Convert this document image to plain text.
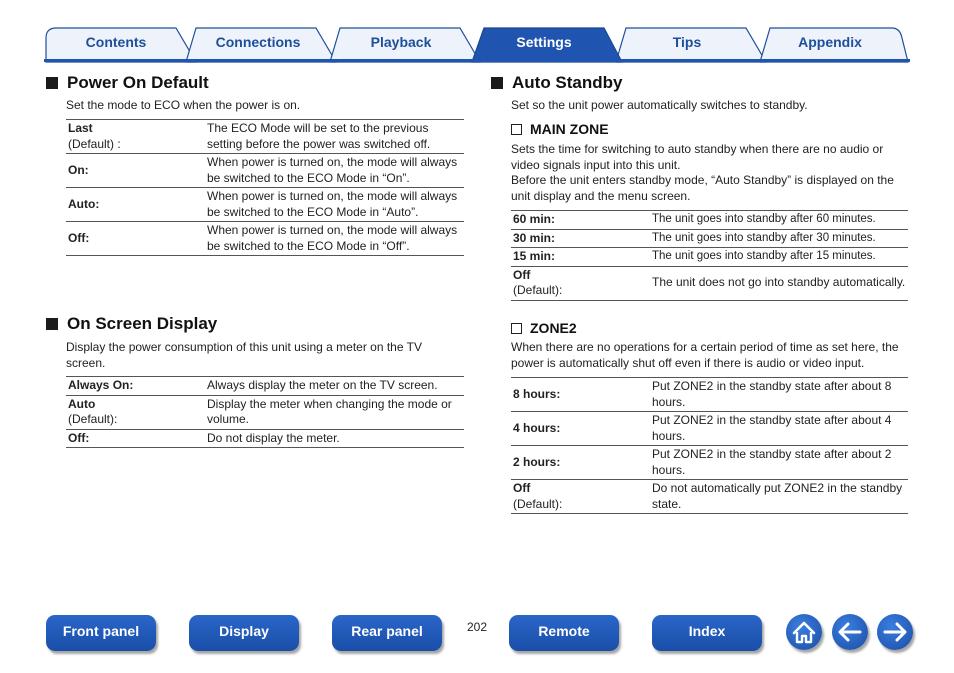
Contents	Connections	Playback	Settings	Tips	Appendix
Power On Default
Set the mode to ECO when the power is on.
Last
(Default) :	The ECO Mode will be set to the previous setting before the power was switched off.
On:	When power is turned on, the mode will always be switched to the ECO Mode in “On”.
Auto:	When power is turned on, the mode will always be switched to the ECO Mode in “Auto”.
Off:	When power is turned on, the mode will always be switched to the ECO Mode in “Off”.
On Screen Display
Display the power consumption of this unit using a meter on the TV screen.
Always On:	Always display the meter on the TV screen.
Auto
(Default):	Display the meter when changing the mode or volume.
Off:	Do not display the meter.
Auto Standby
Set so the unit power automatically switches to standby.
MAIN ZONE
Sets the time for switching to auto standby when there are no audio or video signals input into this unit.
Before the unit enters standby mode, “Auto Standby” is displayed on the unit display and the menu screen.
60 min:	The unit goes into standby after 60 minutes.
30 min:	The unit goes into standby after 30 minutes.
15 min:	The unit goes into standby after 15 minutes.
Off
(Default):	The unit does not go into standby automatically.
ZONE2
When there are no operations for a certain period of time as set here, the power is automatically shut off even if there is audio or video input.
8 hours:	Put ZONE2 in the standby state after about 8 hours.
4 hours:	Put ZONE2 in the standby state after about 4 hours.
2 hours:	Put ZONE2 in the standby state after about 2 hours.
Off
(Default):	Do not automatically put ZONE2 in the standby state.
Front panel	Display	Rear panel	202	Remote	Index
